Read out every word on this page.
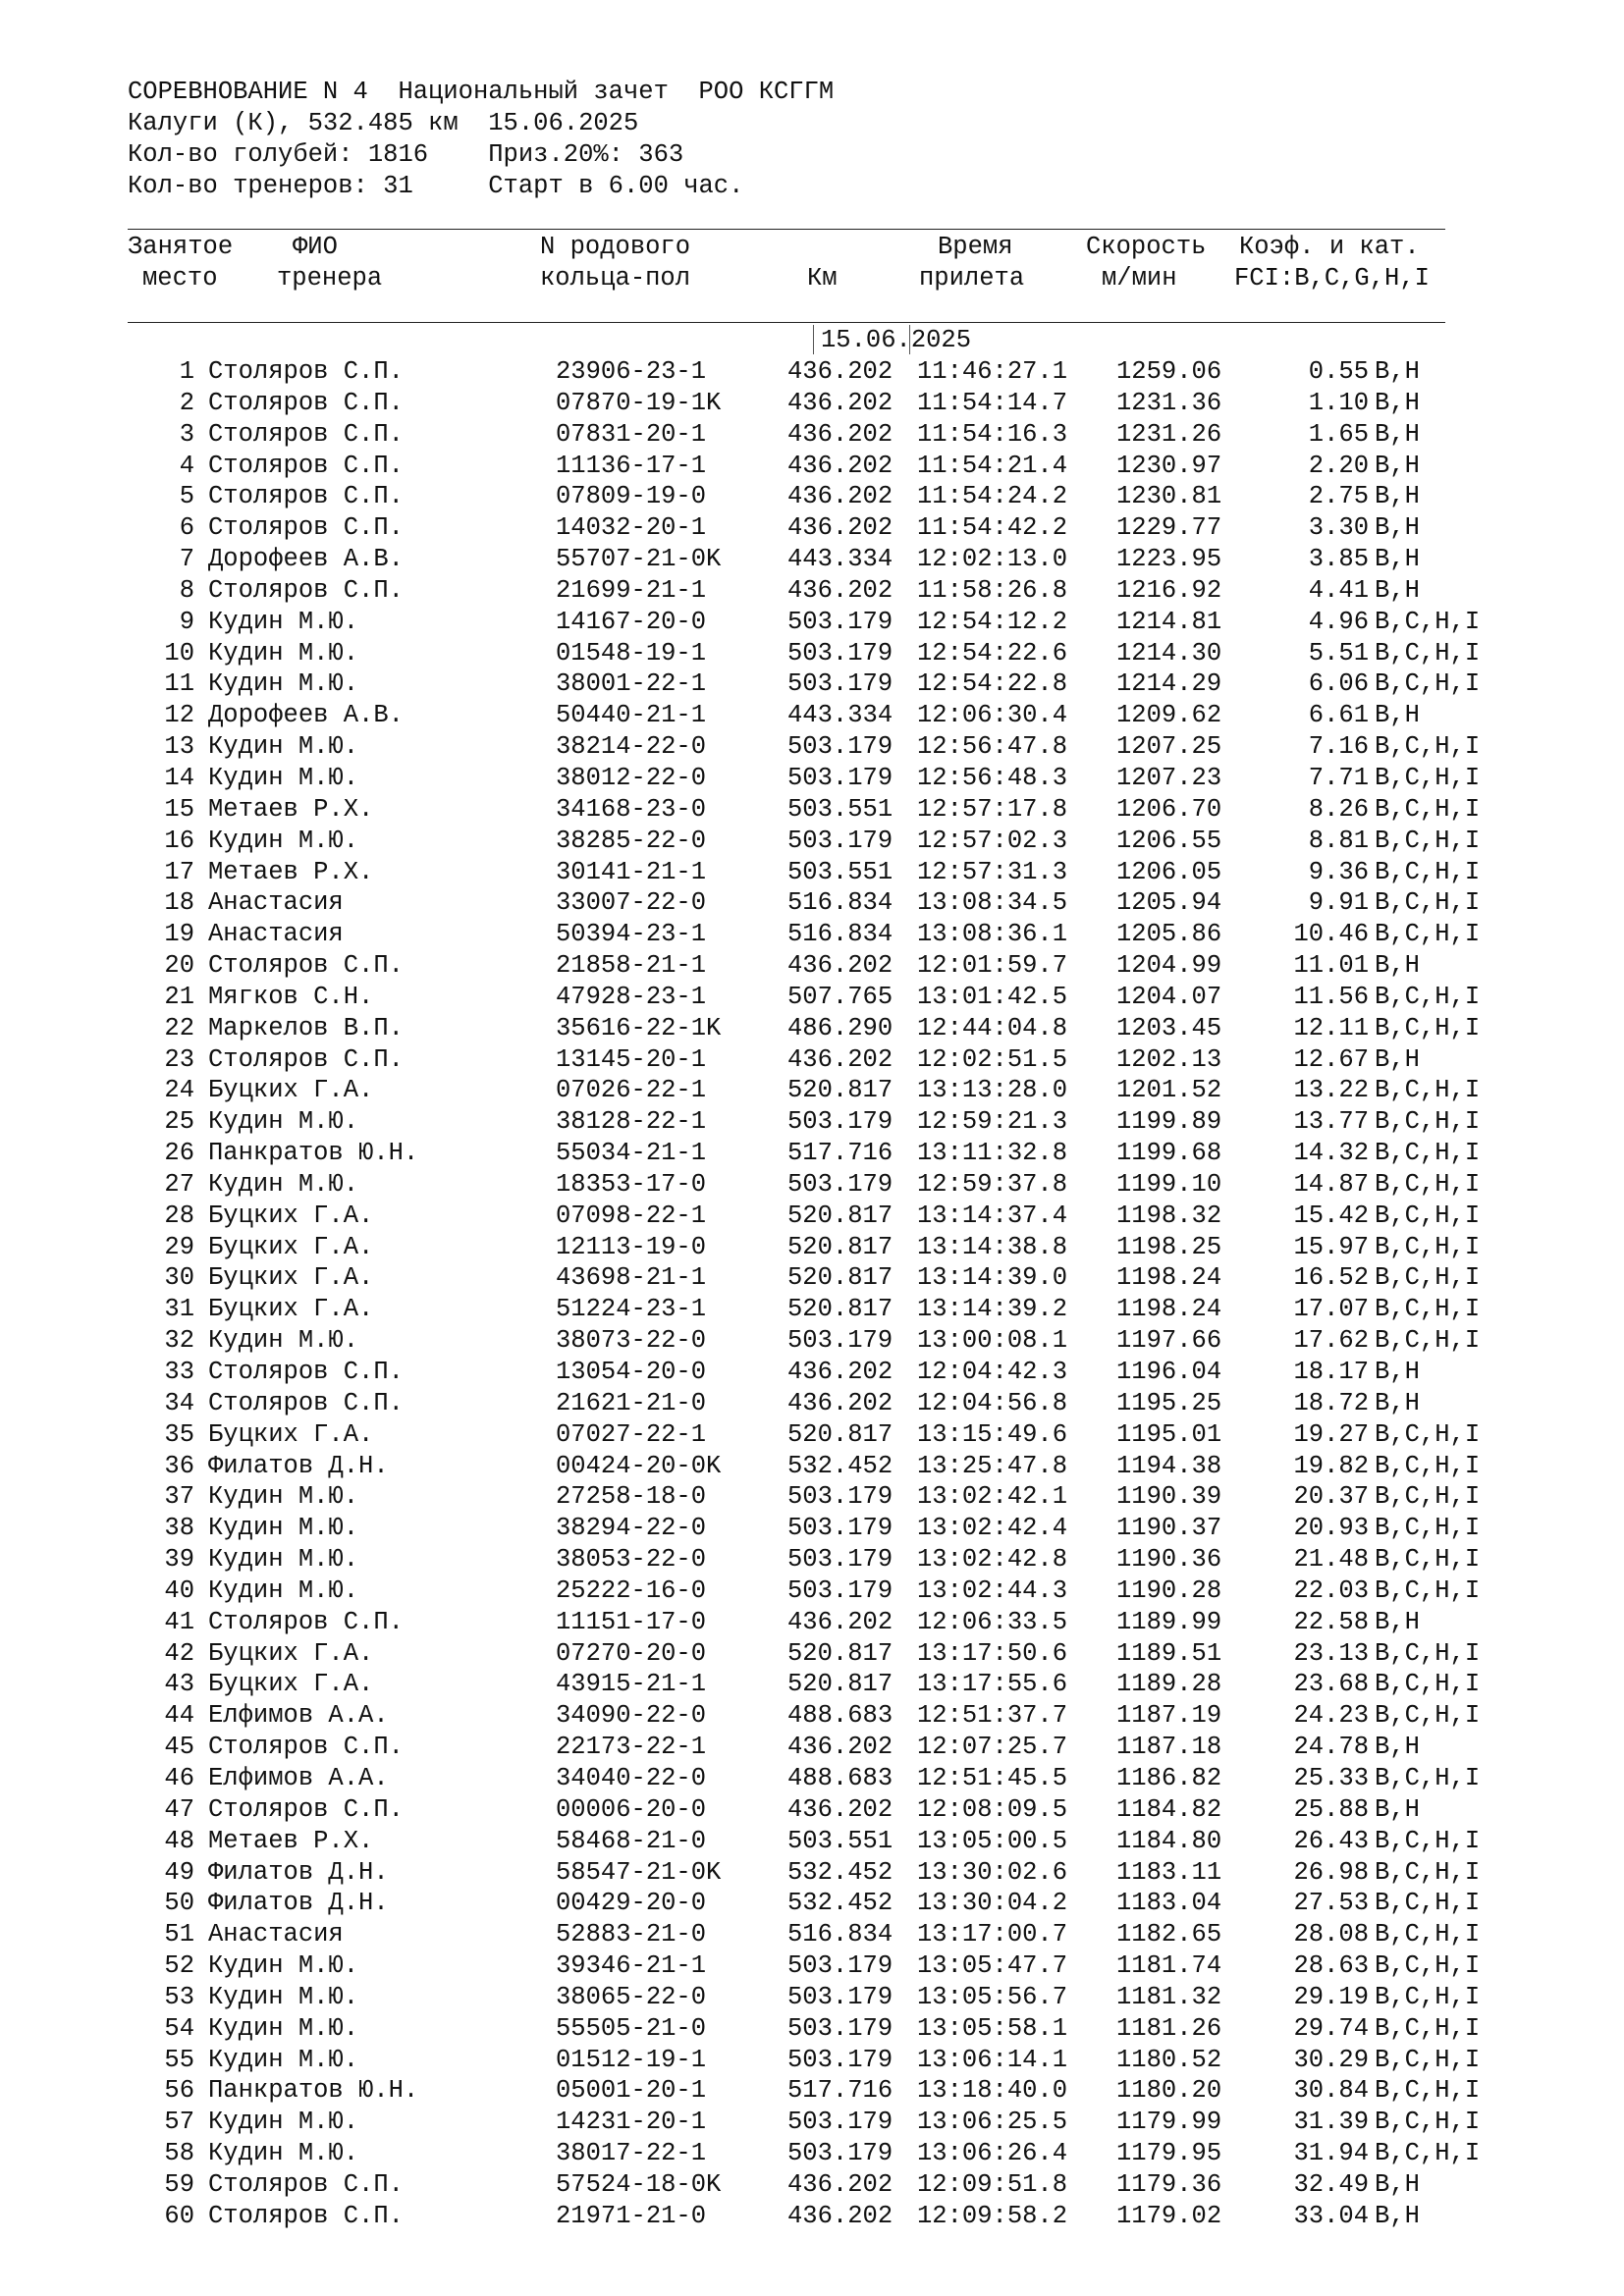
СОРЕВНОВАНИЕ N 4  Национальный зачет  РОО КСГГМ
Калуги (К), 532.485 км  15.06.2025
Кол-во голубей: 1816    Приз.20%: 363
Кол-во тренеров: 31     Старт в 6.00 час.
Занятое
место
ФИО
тренера
N родового
кольца-пол	Км
Время
прилета
Скорость
м/мин
Коэф. и кат.
FCI:B,C,G,H,I
15.06.2025
1 Столяров С.П.	23906-23-1	436.202 11:46:27.1 1259.06	0.55 B,H
2 Столяров С.П.	07870-19-1K	436.202 11:54:14.7 1231.36	1.10 B,H
3 Столяров С.П.	07831-20-1	436.202 11:54:16.3 1231.26	1.65 B,H
4 Столяров С.П.	11136-17-1	436.202 11:54:21.4 1230.97	2.20 B,H
5 Столяров С.П.	07809-19-0	436.202 11:54:24.2 1230.81	2.75 B,H
6 Столяров С.П.	14032-20-1	436.202 11:54:42.2 1229.77	3.30 B,H
7 Дорофеев А.В.	55707-21-0K	443.334 12:02:13.0 1223.95	3.85 B,H
8 Столяров С.П.	21699-21-1	436.202 11:58:26.8 1216.92	4.41 B,H
9 Кудин М.Ю.	14167-20-0	503.179 12:54:12.2 1214.81	4.96 B,C,H,I
10 Кудин М.Ю.	01548-19-1	503.179 12:54:22.6 1214.30	5.51 B,C,H,I
11 Кудин М.Ю.	38001-22-1	503.179 12:54:22.8 1214.29	6.06 B,C,H,I
12 Дорофеев А.В.	50440-21-1	443.334 12:06:30.4 1209.62	6.61 B,H
13 Кудин М.Ю.	38214-22-0	503.179 12:56:47.8 1207.25	7.16 B,C,H,I
14 Кудин М.Ю.	38012-22-0	503.179 12:56:48.3 1207.23	7.71 B,C,H,I
15 Метаев Р.Х.	34168-23-0	503.551 12:57:17.8 1206.70	8.26 B,C,H,I
16 Кудин М.Ю.	38285-22-0	503.179 12:57:02.3 1206.55	8.81 B,C,H,I
17 Метаев Р.Х.	30141-21-1	503.551 12:57:31.3 1206.05	9.36 B,C,H,I
18 Анастасия	33007-22-0	516.834 13:08:34.5 1205.94	9.91 B,C,H,I
19 Анастасия	50394-23-1	516.834 13:08:36.1 1205.86	10.46 B,C,H,I
20 Столяров С.П.	21858-21-1	436.202 12:01:59.7 1204.99	11.01 B,H
21 Мягков С.Н.	47928-23-1	507.765 13:01:42.5 1204.07	11.56 B,C,H,I
22 Маркелов В.П.	35616-22-1K	486.290 12:44:04.8 1203.45	12.11 B,C,H,I
23 Столяров С.П.	13145-20-1	436.202 12:02:51.5 1202.13	12.67 B,H
24 Буцких Г.А.	07026-22-1	520.817 13:13:28.0 1201.52	13.22 B,C,H,I
25 Кудин М.Ю.	38128-22-1	503.179 12:59:21.3 1199.89	13.77 B,C,H,I
26 Панкратов Ю.Н.	55034-21-1	517.716 13:11:32.8 1199.68	14.32 B,C,H,I
27 Кудин М.Ю.	18353-17-0	503.179 12:59:37.8 1199.10	14.87 B,C,H,I
28 Буцких Г.А.	07098-22-1	520.817 13:14:37.4 1198.32	15.42 B,C,H,I
29 Буцких Г.А.	12113-19-0	520.817 13:14:38.8 1198.25	15.97 B,C,H,I
30 Буцких Г.А.	43698-21-1	520.817 13:14:39.0 1198.24	16.52 B,C,H,I
31 Буцких Г.А.	51224-23-1	520.817 13:14:39.2 1198.24	17.07 B,C,H,I
32 Кудин М.Ю.	38073-22-0	503.179 13:00:08.1 1197.66	17.62 B,C,H,I
33 Столяров С.П.	13054-20-0	436.202 12:04:42.3 1196.04	18.17 B,H
34 Столяров С.П.	21621-21-0	436.202 12:04:56.8 1195.25	18.72 B,H
35 Буцких Г.А.	07027-22-1	520.817 13:15:49.6 1195.01	19.27 B,C,H,I
36 Филатов Д.Н.	00424-20-0K	532.452 13:25:47.8 1194.38	19.82 B,C,H,I
37 Кудин М.Ю.	27258-18-0	503.179 13:02:42.1 1190.39	20.37 B,C,H,I
38 Кудин М.Ю.	38294-22-0	503.179 13:02:42.4 1190.37	20.93 B,C,H,I
39 Кудин М.Ю.	38053-22-0	503.179 13:02:42.8 1190.36	21.48 B,C,H,I
40 Кудин М.Ю.	25222-16-0	503.179 13:02:44.3 1190.28	22.03 B,C,H,I
41 Столяров С.П.	11151-17-0	436.202 12:06:33.5 1189.99	22.58 B,H
42 Буцких Г.А.	07270-20-0	520.817 13:17:50.6 1189.51	23.13 B,C,H,I
43 Буцких Г.А.	43915-21-1	520.817 13:17:55.6 1189.28	23.68 B,C,H,I
44 Елфимов А.А.	34090-22-0	488.683 12:51:37.7 1187.19	24.23 B,C,H,I
45 Столяров С.П.	22173-22-1	436.202 12:07:25.7 1187.18	24.78 B,H
46 Елфимов А.А.	34040-22-0	488.683 12:51:45.5 1186.82	25.33 B,C,H,I
47 Столяров С.П.	00006-20-0	436.202 12:08:09.5 1184.82	25.88 B,H
48 Метаев Р.Х.	58468-21-0	503.551 13:05:00.5 1184.80	26.43 B,C,H,I
49 Филатов Д.Н.	58547-21-0K	532.452 13:30:02.6 1183.11	26.98 B,C,H,I
50 Филатов Д.Н.	00429-20-0	532.452 13:30:04.2 1183.04	27.53 B,C,H,I
51 Анастасия	52883-21-0	516.834 13:17:00.7 1182.65	28.08 B,C,H,I
52 Кудин М.Ю.	39346-21-1	503.179 13:05:47.7 1181.74	28.63 B,C,H,I
53 Кудин М.Ю.	38065-22-0	503.179 13:05:56.7 1181.32	29.19 B,C,H,I
54 Кудин М.Ю.	55505-21-0	503.179 13:05:58.1 1181.26	29.74 B,C,H,I
55 Кудин М.Ю.	01512-19-1	503.179 13:06:14.1 1180.52	30.29 B,C,H,I
56 Панкратов Ю.Н.	05001-20-1	517.716 13:18:40.0 1180.20	30.84 B,C,H,I
57 Кудин М.Ю.	14231-20-1	503.179 13:06:25.5 1179.99	31.39 B,C,H,I
58 Кудин М.Ю.	38017-22-1	503.179 13:06:26.4 1179.95	31.94 B,C,H,I
59 Столяров С.П.	57524-18-0K	436.202 12:09:51.8 1179.36	32.49 B,H
60 Столяров С.П.	21971-21-0	436.202 12:09:58.2 1179.02	33.04 B,H
